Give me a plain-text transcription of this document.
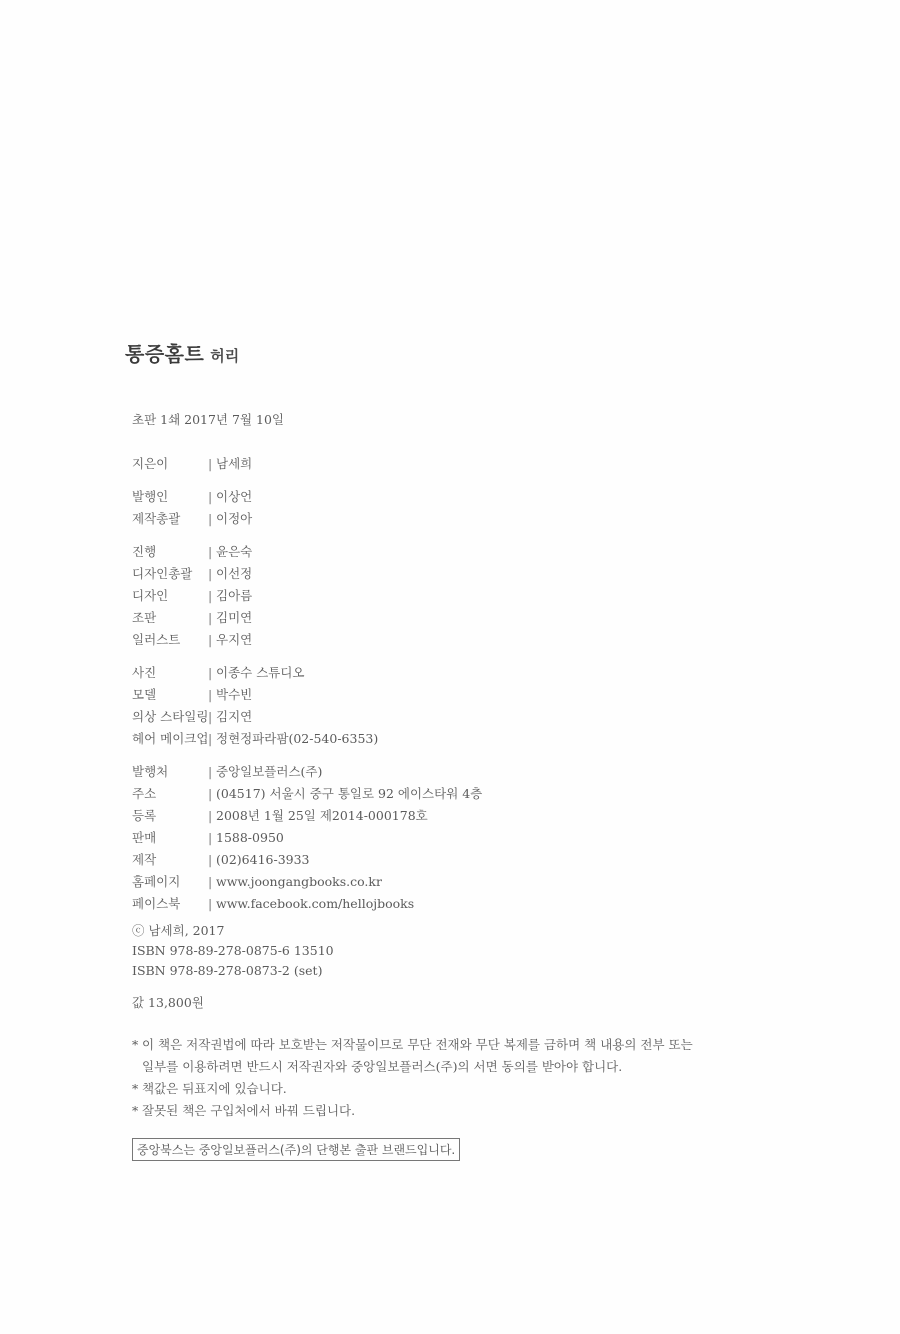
통증홈트 허리
초판 1쇄 2017년 7월 10일
지은이	| 남세희
발행인	| 이상언
제작총괄	| 이정아
진행	| 윤은숙
디자인총괄	| 이선정
디자인	| 김아름
조판	| 김미연
일러스트	| 우지연
사진	| 이종수 스튜디오
모델	| 박수빈
의상 스타일링 | 김지연
헤어 메이크업 | 정현정파라팜(02-540-6353)
발행처	| 중앙일보플러스(주)
주소	| (04517) 서울시 중구 통일로 92 에이스타워 4층
등록	| 2008년 1월 25일 제2014-000178호
판매	| 1588-0950
제작	| (02)6416-3933
홈페이지	| www.joongangbooks.co.kr
페이스북	| www.facebook.com/hellojbooks
ⓒ 남세희, 2017
ISBN 978-89-278-0875-6 13510
ISBN 978-89-278-0873-2 (set)
값 13,800원
* 이 책은 저작권법에 따라 보호받는 저작물이므로 무단 전재와 무단 복제를 금하며 책 내용의 전부 또는
일부를 이용하려면 반드시 저작권자와 중앙일보플러스(주)의 서면 동의를 받아야 합니다.
* 책값은 뒤표지에 있습니다.
* 잘못된 책은 구입처에서 바꿔 드립니다.
중앙북스는 중앙일보플러스(주)의 단행본 출판 브랜드입니다.
